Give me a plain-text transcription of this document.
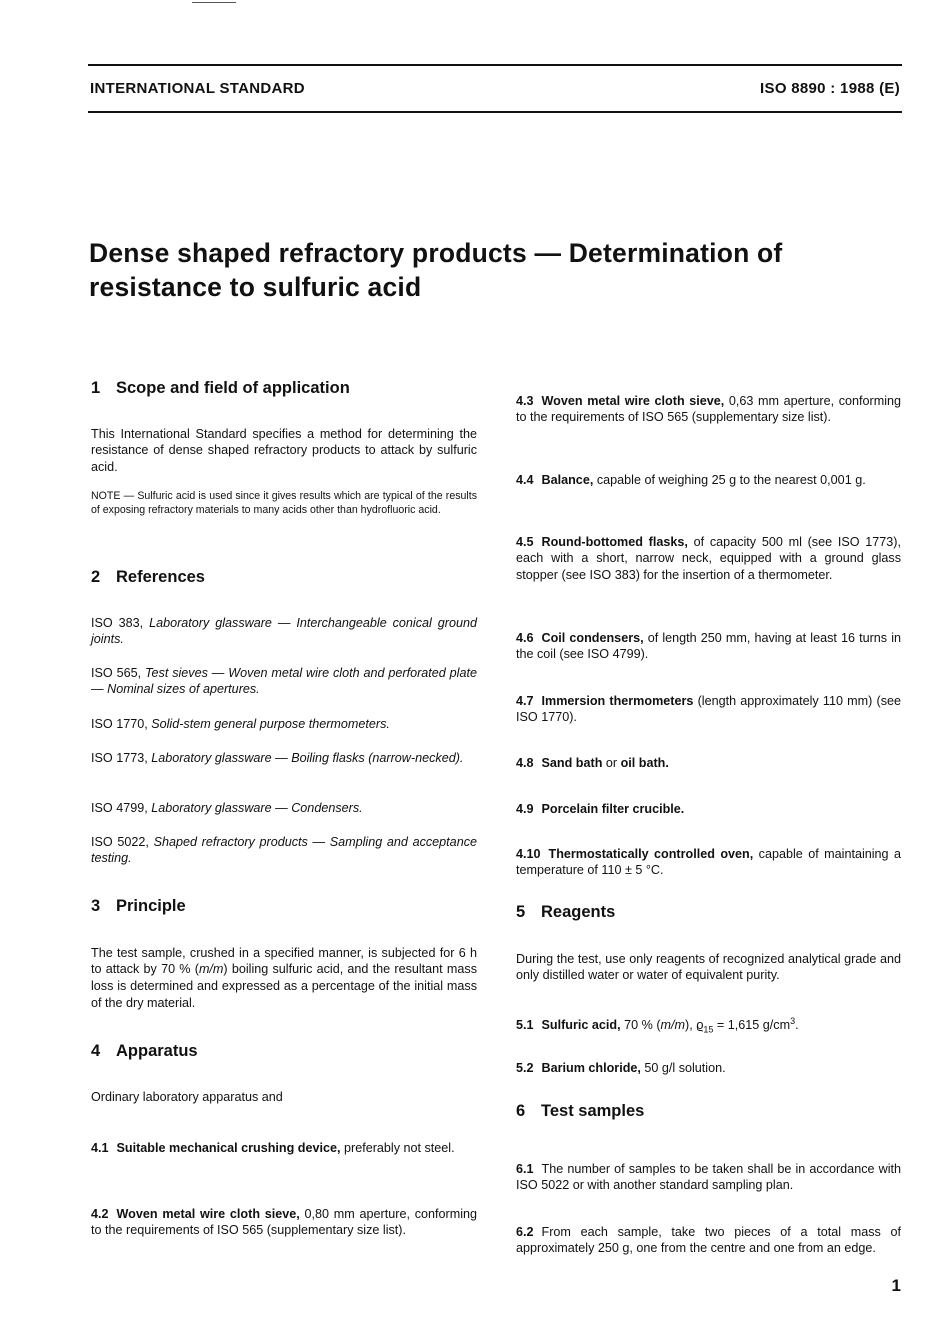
INTERNATIONAL STANDARD	ISO 8890 : 1988 (E)
Dense shaped refractory products — Determination of
resistance to sulfuric acid
1 Scope and field of application

This International Standard specifies a method for determining the resistance of dense shaped refractory products to attack by sulfuric acid.

NOTE — Sulfuric acid is used since it gives results which are typical of the results of exposing refractory materials to many acids other than hydrofluoric acid.

2 References

ISO 383, Laboratory glassware — Interchangeable conical ground joints.

ISO 565, Test sieves — Woven metal wire cloth and perforated plate — Nominal sizes of apertures.

ISO 1770, Solid-stem general purpose thermometers.

ISO 1773, Laboratory glassware — Boiling flasks (narrow-necked).

ISO 4799, Laboratory glassware — Condensers.

ISO 5022, Shaped refractory products — Sampling and acceptance testing.

3 Principle

The test sample, crushed in a specified manner, is subjected for 6 h to attack by 70 % (m/m) boiling sulfuric acid, and the resultant mass loss is determined and expressed as a percentage of the initial mass of the dry material.

4 Apparatus

Ordinary laboratory apparatus and

4.1 Suitable mechanical crushing device, preferably not steel.

4.2 Woven metal wire cloth sieve, 0,80 mm aperture, conforming to the requirements of ISO 565 (supplementary size list).

4.3 Woven metal wire cloth sieve, 0,63 mm aperture, conforming to the requirements of ISO 565 (supplementary size list).

4.4 Balance, capable of weighing 25 g to the nearest 0,001 g.

4.5 Round-bottomed flasks, of capacity 500 ml (see ISO 1773), each with a short, narrow neck, equipped with a ground glass stopper (see ISO 383) for the insertion of a thermometer.

4.6 Coil condensers, of length 250 mm, having at least 16 turns in the coil (see ISO 4799).

4.7 Immersion thermometers (length approximately 110 mm) (see ISO 1770).

4.8 Sand bath or oil bath.

4.9 Porcelain filter crucible.

4.10 Thermostatically controlled oven, capable of maintaining a temperature of 110 ± 5 °C.

5 Reagents

During the test, use only reagents of recognized analytical grade and only distilled water or water of equivalent purity.

5.1 Sulfuric acid, 70 % (m/m), $ϱ_{15} = 1,615$ $g/cm^3$.

5.2 Barium chloride, 50 g/l solution.

6 Test samples

6.1 The number of samples to be taken shall be in accordance with ISO 5022 or with another standard sampling plan.

6.2 From each sample, take two pieces of a total mass of approximately 250 g, one from the centre and one from an edge.

1
